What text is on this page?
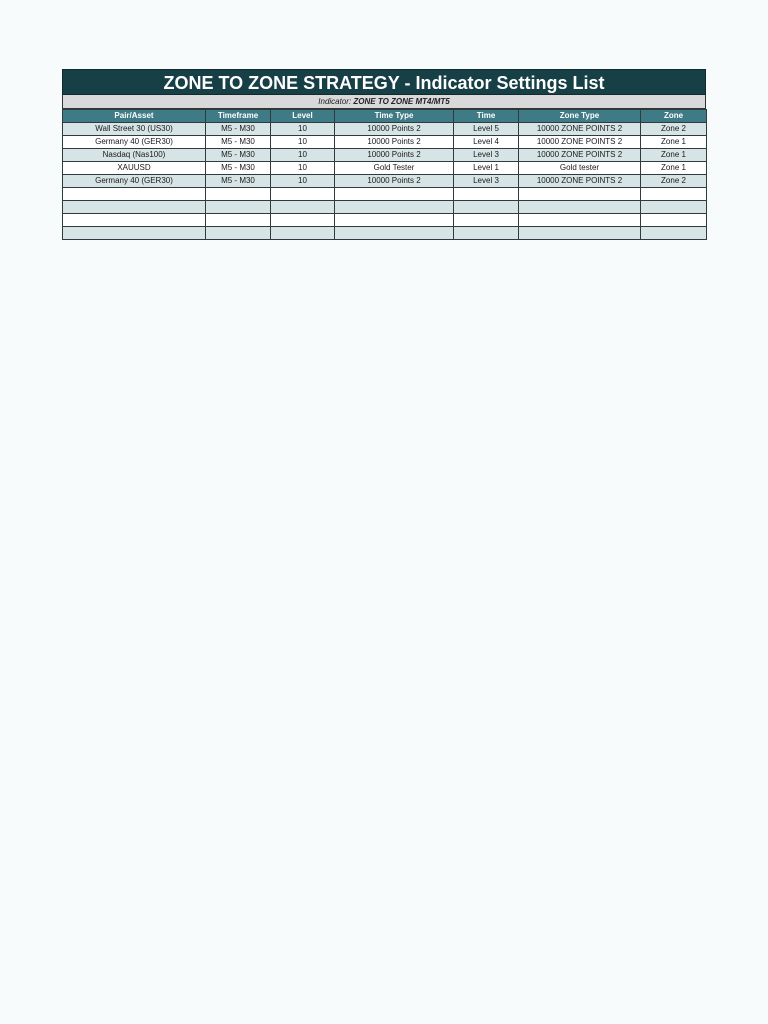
ZONE TO ZONE STRATEGY - Indicator Settings List
Indicator: ZONE TO ZONE MT4/MT5
Pair/Asset	Timeframe	Level	Time Type	Time	Zone Type	Zone
Wall Street 30 (US30)	M5 - M30	10	10000 Points 2	Level 5	10000 ZONE POINTS 2	Zone 2
Germany 40 (GER30)	M5 - M30	10	10000 Points 2	Level 4	10000 ZONE POINTS 2	Zone 1
Nasdaq (Nas100)	M5 - M30	10	10000 Points 2	Level 3	10000 ZONE POINTS 2	Zone 1
XAUUSD	M5 - M30	10	Gold Tester	Level 1	Gold tester	Zone 1
Germany 40 (GER30)	M5 - M30	10	10000 Points 2	Level 3	10000 ZONE POINTS 2	Zone 2
